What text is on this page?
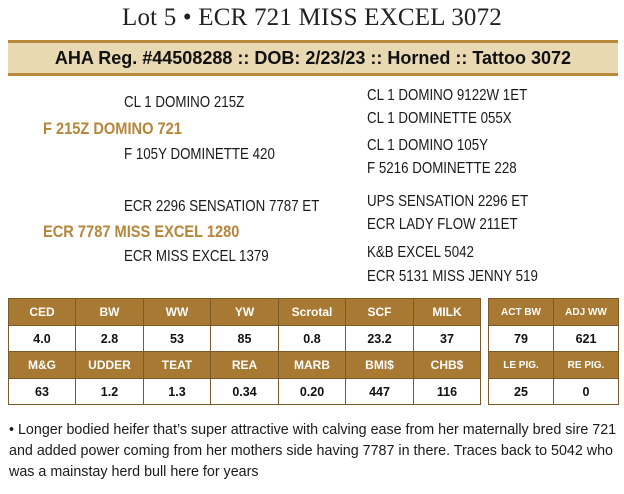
Lot 5 • ECR 721 MISS EXCEL 3072
AHA Reg. #44508288 :: DOB: 2/23/23 :: Horned :: Tattoo 3072
CL 1 DOMINO 215Z
F 215Z DOMINO 721
F 105Y DOMINETTE 420
CL 1 DOMINO 9122W 1ET
CL 1 DOMINETTE 055X
CL 1 DOMINO 105Y
F 5216 DOMINETTE 228
ECR 2296 SENSATION 7787 ET
ECR 7787 MISS EXCEL 1280
ECR MISS EXCEL 1379
UPS SENSATION 2296 ET
ECR LADY FLOW 211ET
K&B EXCEL 5042
ECR 5131 MISS JENNY 519
CED	BW	WW	YW	Scrotal	SCF	MILK
4.0	2.8	53	85	0.8	23.2	37
M&G	UDDER	TEAT	REA	MARB	BMI$	CHB$
63	1.2	1.3	0.34	0.20	447	116
ACT BW	ADJ WW
79	621
LE PIG.	RE PIG.
25	0
• Longer bodied heifer that’s super attractive with calving ease from her maternally bred sire 721 and added power coming from her mothers side having 7787 in there. Traces back to 5042 who was a mainstay herd bull here for years
